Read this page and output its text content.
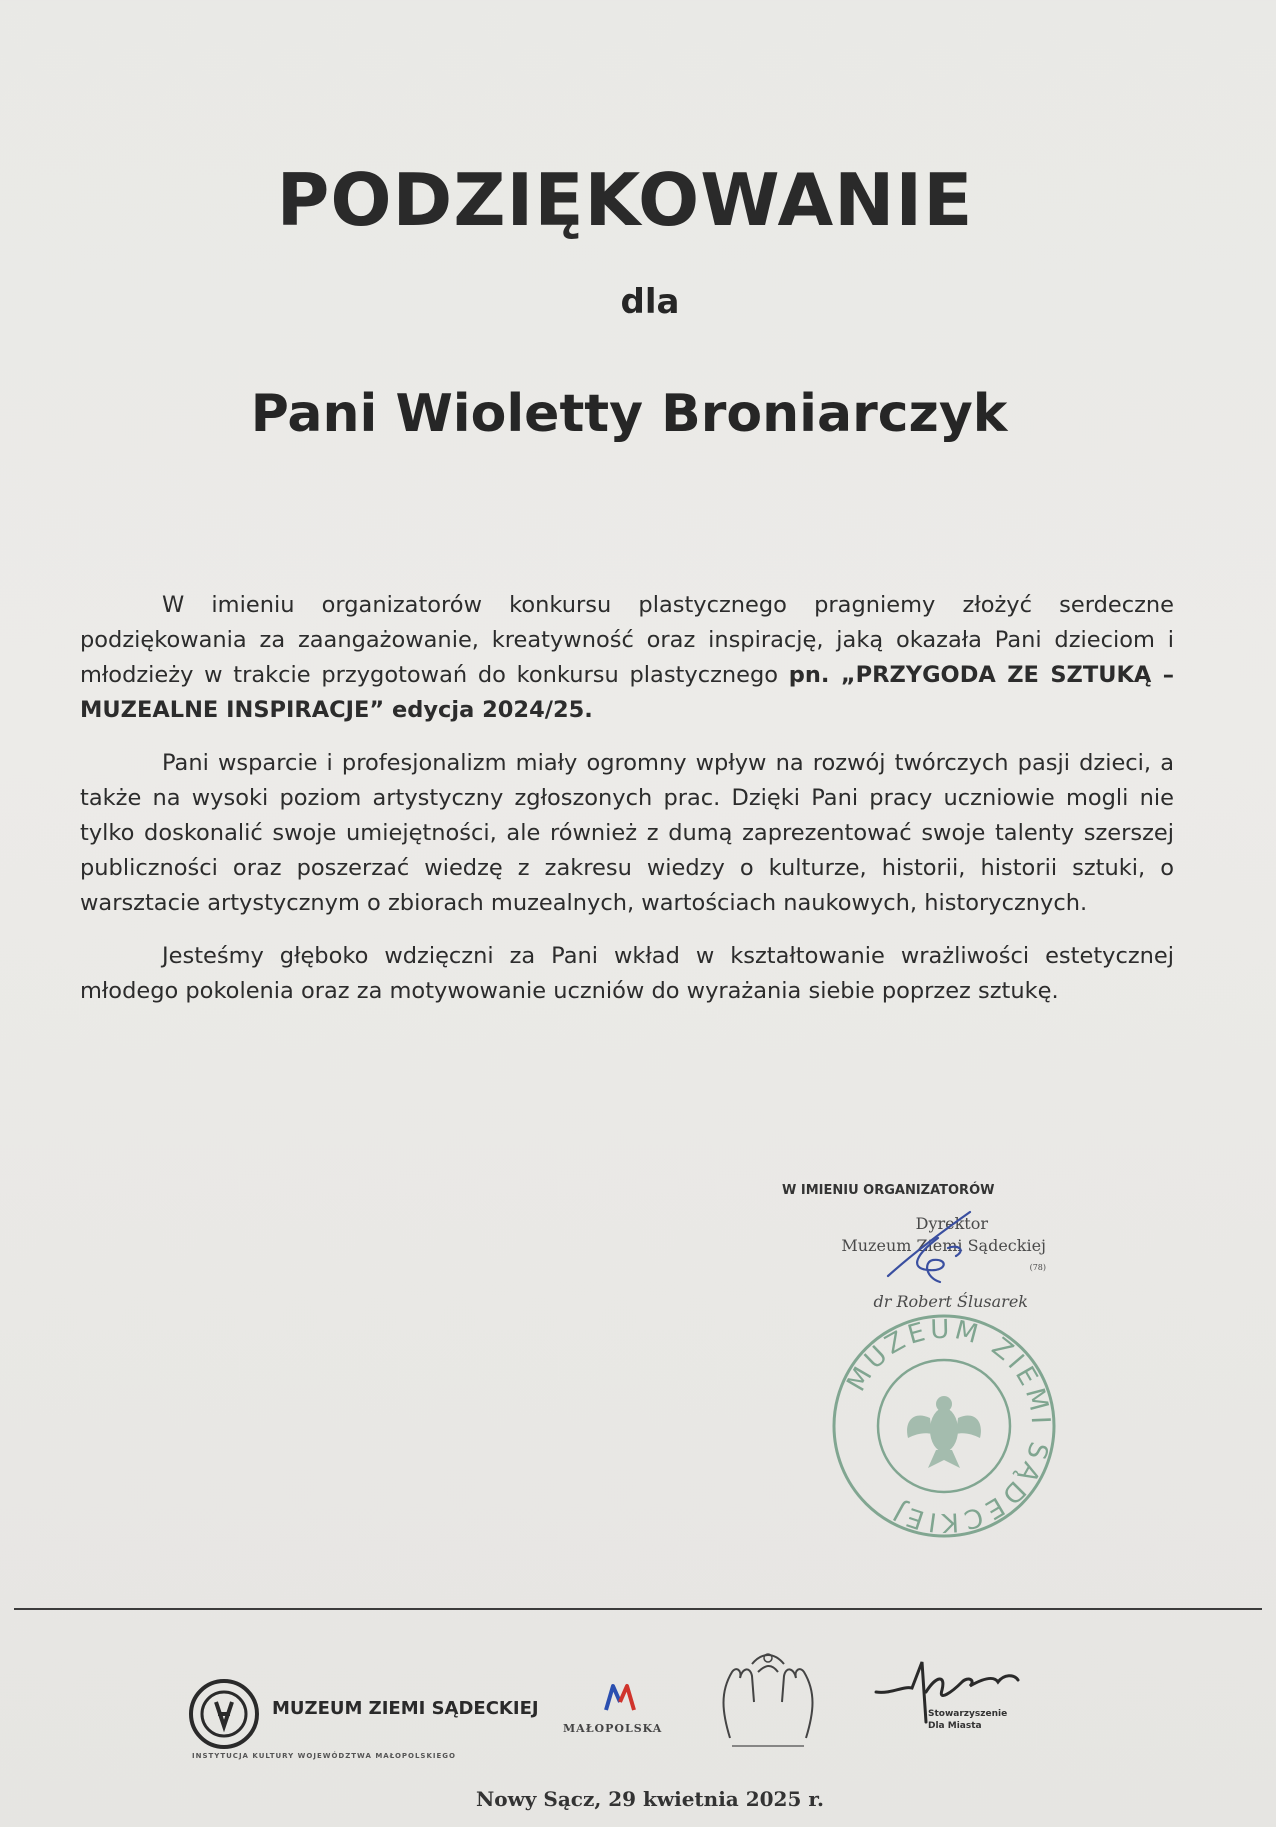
PODZIĘKOWANIE
dla
Pani Wioletty Broniarczyk

W imieniu organizatorów konkursu plastycznego pragniemy złożyć serdeczne podziękowania za zaangażowanie, kreatywność oraz inspirację, jaką okazała Pani dzieciom i młodzieży w trakcie przygotowań do konkursu plastycznego pn. „PRZYGODA ZE SZTUKĄ – MUZEALNE INSPIRACJE” edycja 2024/25.

Pani wsparcie i profesjonalizm miały ogromny wpływ na rozwój twórczych pasji dzieci, a także na wysoki poziom artystyczny zgłoszonych prac. Dzięki Pani pracy uczniowie mogli nie tylko doskonalić swoje umiejętności, ale również z dumą zaprezentować swoje talenty szerszej publiczności oraz poszerzać wiedzę z zakresu wiedzy o kulturze, historii, historii sztuki, o warsztacie artystycznym o zbiorach muzealnych, wartościach naukowych, historycznych.

Jesteśmy głęboko wdzięczni za Pani wkład w kształtowanie wrażliwości estetycznej młodego pokolenia oraz za motywowanie uczniów do wyrażania siebie poprzez sztukę.

W IMIENIU ORGANIZATORÓW
Dyrektor
Muzeum Ziemi Sądeckiej
(78)
dr Robert Ślusarek
MUZEUM ZIEMI SĄDECKIEJ
MUZEUM ZIEMI SĄDECKIEJ
INSTYTUCJA KULTURY WOJEWÓDZTWA MAŁOPOLSKIEGO
MAŁOPOLSKA
Stowarzyszenie
Dla Miasta
Nowy Sącz, 29 kwietnia 2025 r.
